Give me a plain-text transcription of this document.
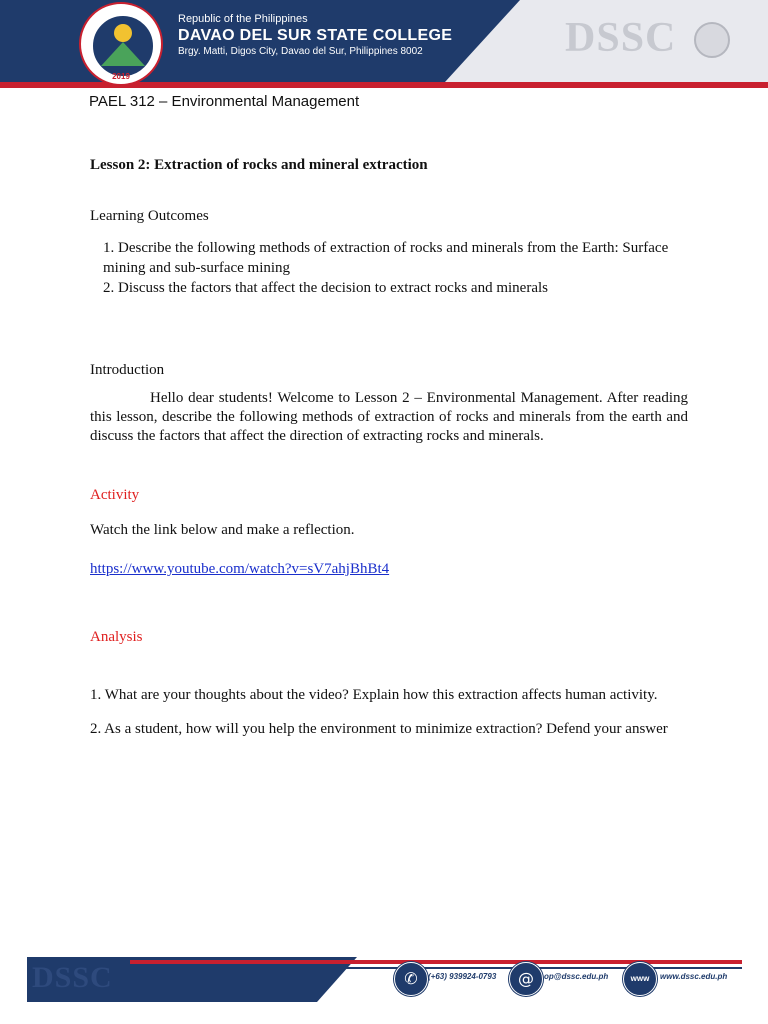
2019
Republic of the Philippines
DAVAO DEL SUR STATE COLLEGE
Brgy. Matti, Digos City, Davao del Sur, Philippines 8002	DSSC
PAEL 312 – Environmental Management
Lesson 2: Extraction of rocks and mineral extraction
Learning Outcomes
1. Describe the following methods of extraction of rocks and minerals from the Earth: Surface mining and sub-surface mining
2. Discuss the factors that affect the decision to extract rocks and minerals
Introduction

Hello dear students! Welcome to Lesson 2 – Environmental Management. After reading this lesson, describe the following methods of extraction of rocks and minerals from the earth and discuss the factors that affect the direction of extracting rocks and minerals.

Activity
Watch the link below and make a reflection.
https://www.youtube.com/watch?v=sV7ahjBhBt4
Analysis
1. What are your thoughts about the video? Explain how this extraction affects human activity.
2. As a student, how will you help the environment to minimize extraction? Defend your answer
DSSC	✆	(+63) 939924-0793	@	op@dssc.edu.ph	www	www.dssc.edu.ph
